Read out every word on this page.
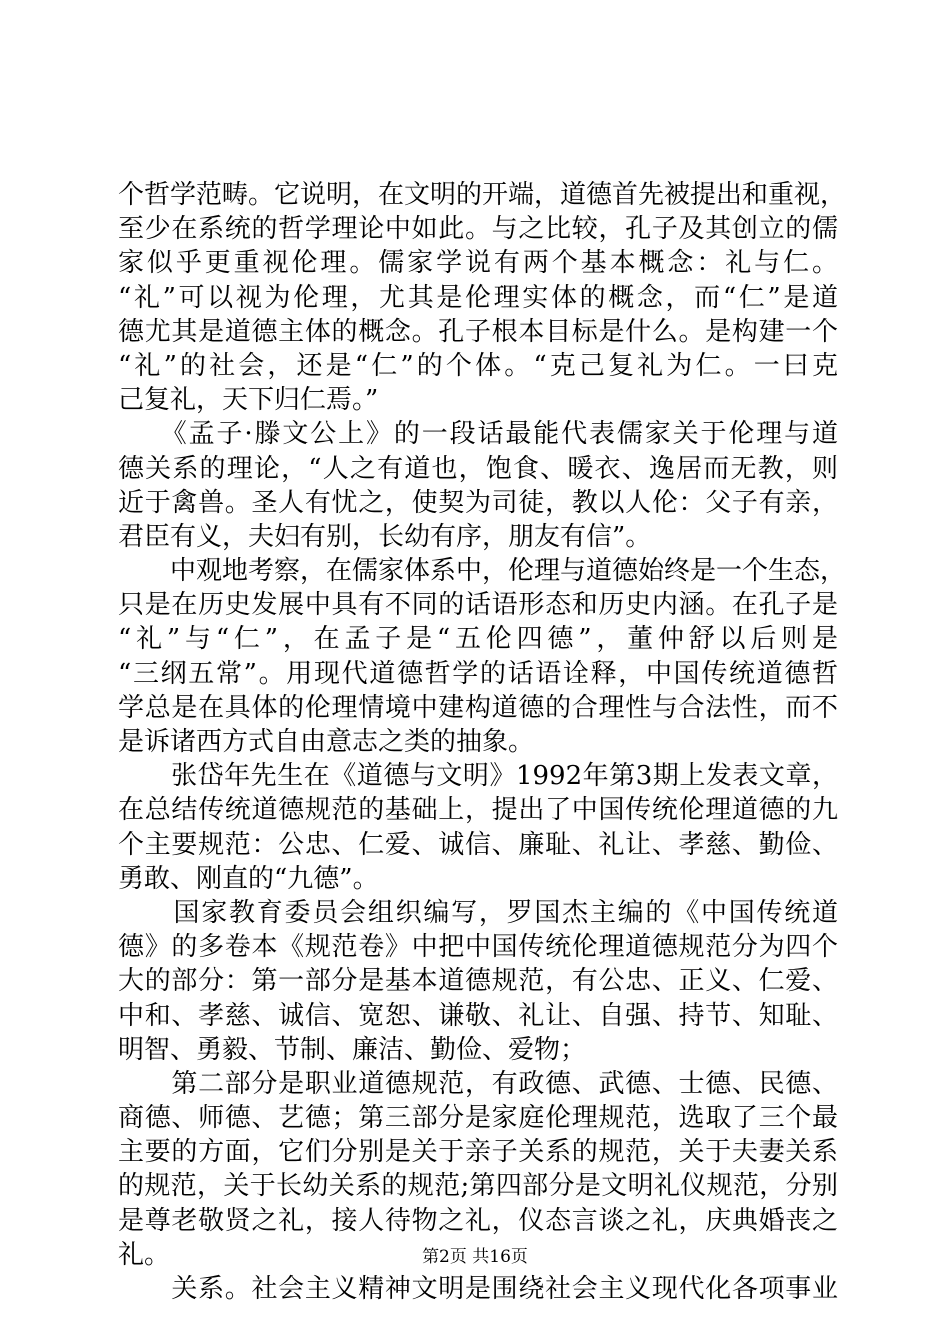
个哲学范畴。它说明，在文明的开端，道德首先被提出和重视，
至少在系统的哲学理论中如此。与之比较，孔子及其创立的儒
家似乎更重视伦理。儒家学说有两个基本概念：礼与仁。
“礼”可以视为伦理，尤其是伦理实体的概念，而“仁”是道
德尤其是道德主体的概念。孔子根本目标是什么。是构建一个
“礼”的社会，还是“仁”的个体。“克己复礼为仁。一曰克
己复礼，天下归仁焉。”
　　《孟子·滕文公上》的一段话最能代表儒家关于伦理与道
德关系的理论，“人之有道也，饱食、暖衣、逸居而无教，则
近于禽兽。圣人有忧之，使契为司徒，教以人伦：父子有亲，
君臣有义，夫妇有别，长幼有序，朋友有信”。
　　中观地考察，在儒家体系中，伦理与道德始终是一个生态，
只是在历史发展中具有不同的话语形态和历史内涵。在孔子是
“礼”与“仁”，在孟子是“五伦四德”，董仲舒以后则是
“三纲五常”。用现代道德哲学的话语诠释，中国传统道德哲
学总是在具体的伦理情境中建构道德的合理性与合法性，而不
是诉诸西方式自由意志之类的抽象。
　　张岱年先生在《道德与文明》1992年第3期上发表文章，
在总结传统道德规范的基础上，提出了中国传统伦理道德的九
个主要规范：公忠、仁爱、诚信、廉耻、礼让、孝慈、勤俭、
勇敢、刚直的“九德”。
　　国家教育委员会组织编写，罗国杰主编的《中国传统道
德》的多卷本《规范卷》中把中国传统伦理道德规范分为四个
大的部分：第一部分是基本道德规范，有公忠、正义、仁爱、
中和、孝慈、诚信、宽恕、谦敬、礼让、自强、持节、知耻、
明智、勇毅、节制、廉洁、勤俭、爱物；
　　第二部分是职业道德规范，有政德、武德、士德、民德、
商德、师德、艺德；第三部分是家庭伦理规范，选取了三个最
主要的方面，它们分别是关于亲子关系的规范，关于夫妻关系
的规范，关于长幼关系的规范;第四部分是文明礼仪规范，分别
是尊老敬贤之礼，接人待物之礼，仪态言谈之礼，庆典婚丧之
礼。
　　关系。社会主义精神文明是围绕社会主义现代化各项事业
第2页 共16页
